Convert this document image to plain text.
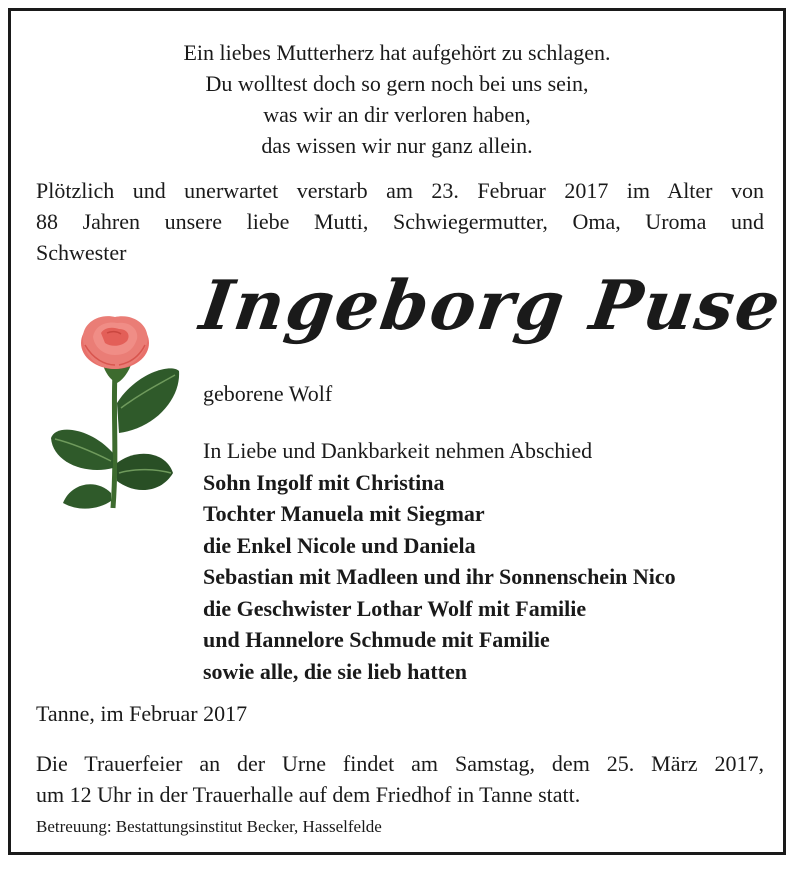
Ein liebes Mutterherz hat aufgehört zu schlagen.
Du wolltest doch so gern noch bei uns sein,
was wir an dir verloren haben,
das wissen wir nur ganz allein.
Plötzlich und unerwartet verstarb am 23. Februar 2017 im Alter von
88 Jahren unsere liebe Mutti, Schwiegermutter, Oma, Uroma und
Schwester
Ingeborg Puse
geborene Wolf
In Liebe und Dankbarkeit nehmen Abschied
Sohn Ingolf mit Christina
Tochter Manuela mit Siegmar
die Enkel Nicole und Daniela
Sebastian mit Madleen und ihr Sonnenschein Nico
die Geschwister Lothar Wolf mit Familie
und Hannelore Schmude mit Familie
sowie alle, die sie lieb hatten
Tanne, im Februar 2017
Die Trauerfeier an der Urne findet am Samstag, dem 25. März 2017,
um 12 Uhr in der Trauerhalle auf dem Friedhof in Tanne statt.
Betreuung: Bestattungsinstitut Becker, Hasselfelde
